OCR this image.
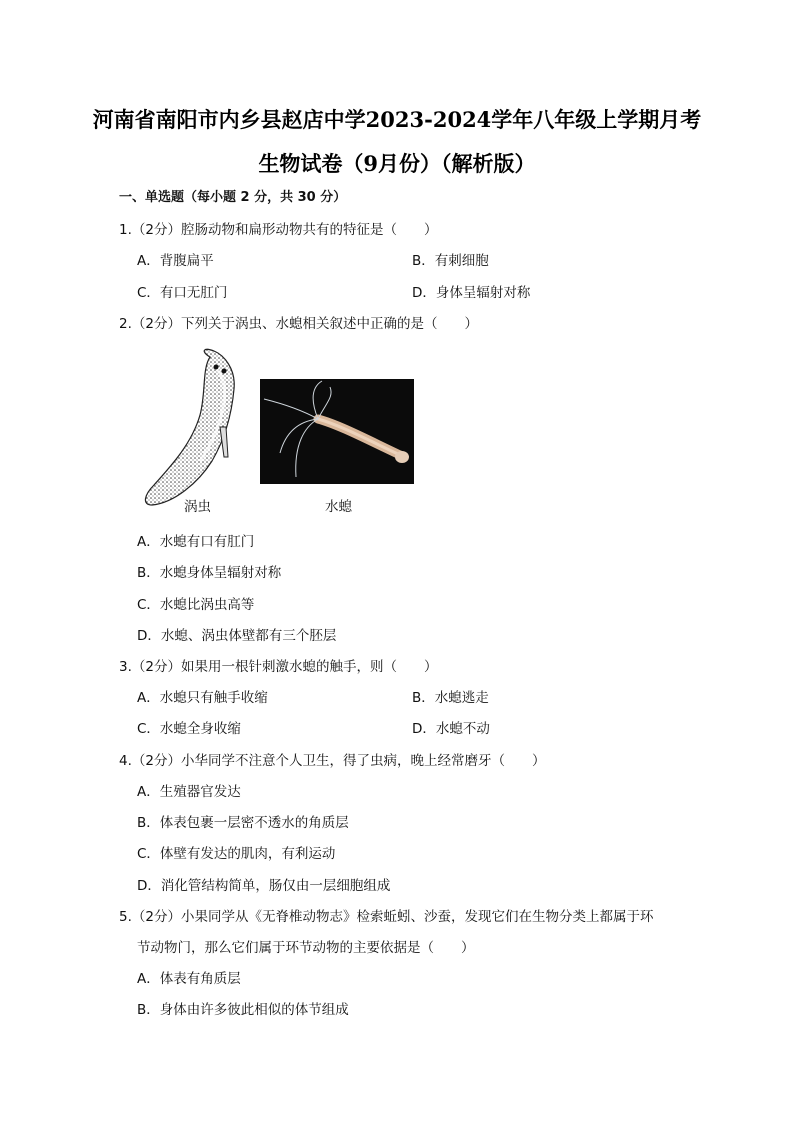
河南省南阳市内乡县赵店中学2023-2024学年八年级上学期月考
生物试卷（9月份）（解析版）
一、单选题（每小题 2 分，共 30 分）
1.（2分）腔肠动物和扁形动物共有的特征是（　　）
A．背腹扁平	B．有刺细胞
C．有口无肛门	D．身体呈辐射对称
2.（2分）下列关于涡虫、水螅相关叙述中正确的是（　　）
涡虫	水螅
A．水螅有口有肛门
B．水螅身体呈辐射对称
C．水螅比涡虫高等
D．水螅、涡虫体壁都有三个胚层
3.（2分）如果用一根针刺激水螅的触手，则（　　）
A．水螅只有触手收缩	B．水螅逃走
C．水螅全身收缩	D．水螅不动
4.（2分）小华同学不注意个人卫生，得了虫病，晚上经常磨牙（　　）
A．生殖器官发达
B．体表包裹一层密不透水的角质层
C．体壁有发达的肌肉，有利运动
D．消化管结构简单，肠仅由一层细胞组成
5.（2分）小果同学从《无脊椎动物志》检索蚯蚓、沙蚕，发现它们在生物分类上都属于环
节动物门，那么它们属于环节动物的主要依据是（　　）
A．体表有角质层
B．身体由许多彼此相似的体节组成
